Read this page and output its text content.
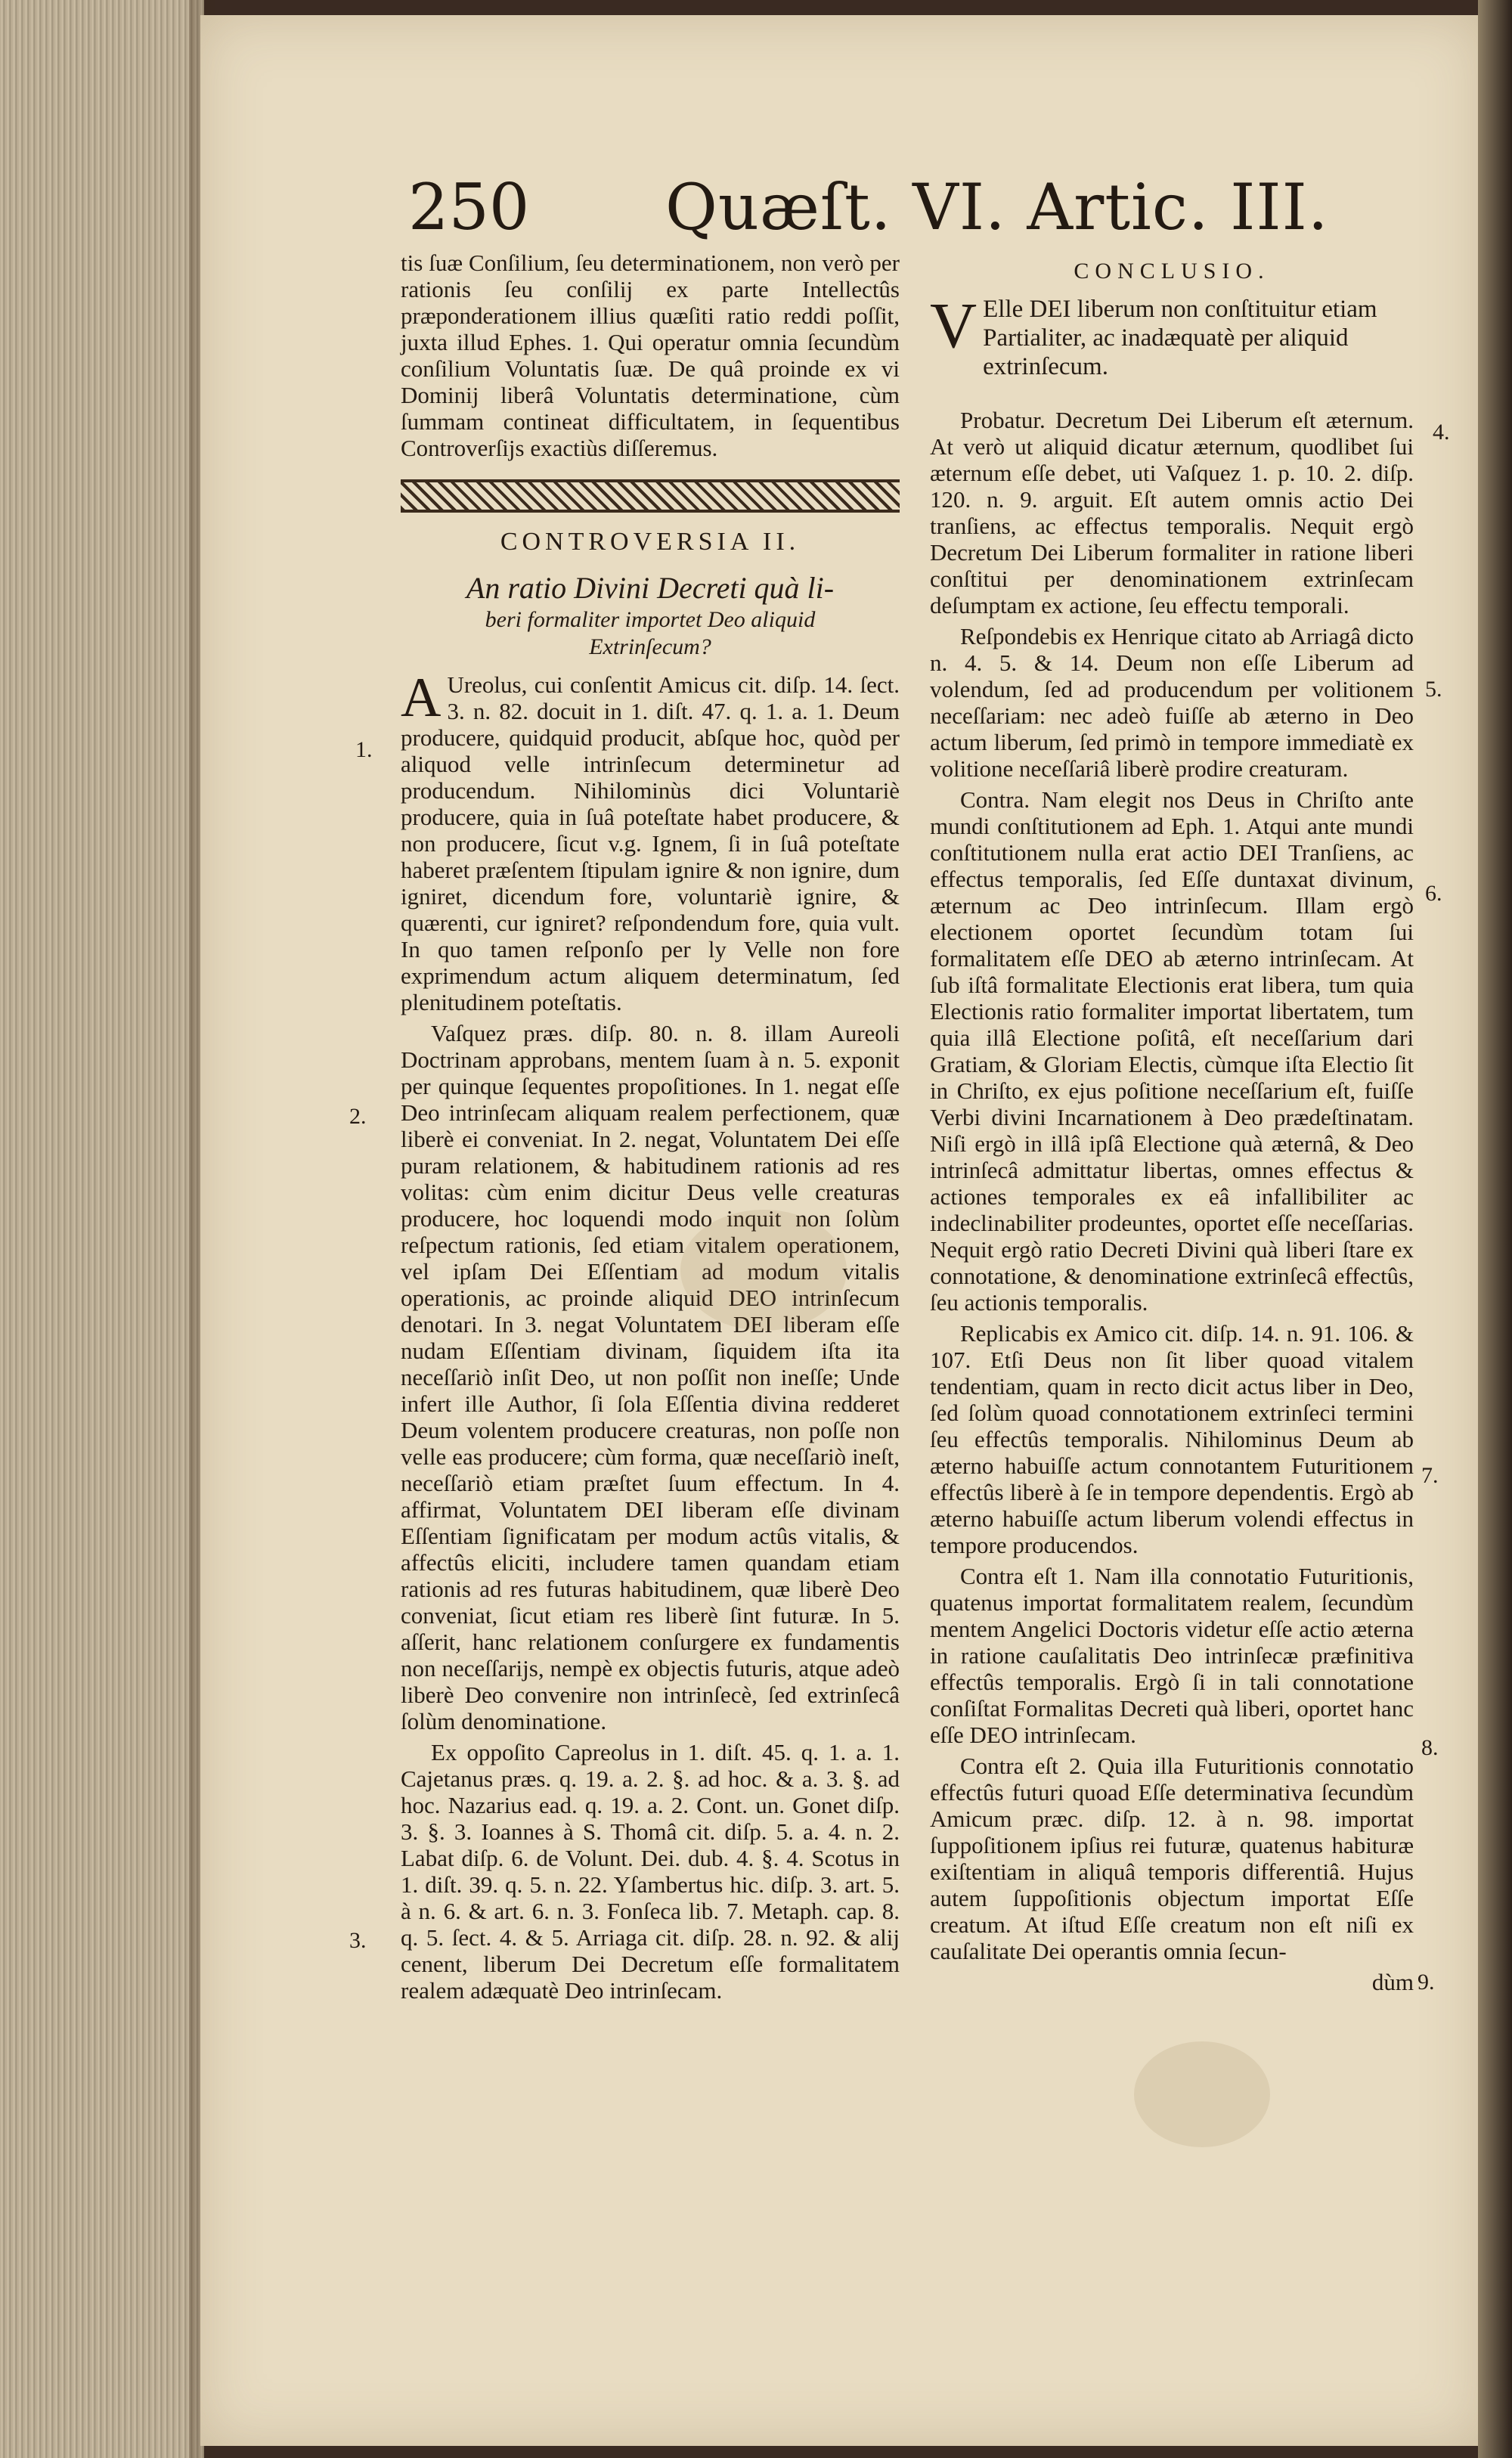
250 Quæſt. VI. Artic. III.

tis ſuæ Conſilium, ſeu determinationem, non verò per rationis ſeu conſilij ex parte Intellectûs præponderationem illius quæſiti ratio reddi poſſit, juxta illud Ephes. 1. Qui operatur omnia ſecundùm conſilium Voluntatis ſuæ. De quâ proinde ex vi Dominij liberâ Voluntatis determinatione, cùm ſummam contineat difficultatem, in ſequentibus Controverſijs exactiùs diſſeremus.

CONTROVERSIA II.
An ratio Divini Decreti quà li-
beri formaliter importet Deo aliquid
Extrinſecum?

A Ureolus, cui conſentit Amicus cit. diſp. 14. ſect. 3. n. 82. docuit in 1. diſt. 47. q. 1. a. 1. Deum producere, quidquid producit, abſque hoc, quòd per aliquod velle intrinſecum determinetur ad producendum. Nihilominùs dici Voluntariè producere, quia in ſuâ poteſtate habet producere, & non producere, ſicut v.g. Ignem, ſi in ſuâ poteſtate haberet præſentem ſtipulam ignire & non ignire, dum igniret, dicendum fore, voluntariè ignire, & quærenti, cur igniret? reſpondendum fore, quia vult. In quo tamen reſponſo per ly Velle non fore exprimendum actum aliquem determinatum, ſed plenitudinem poteſtatis.

Vaſquez præs. diſp. 80. n. 8. illam Aureoli Doctrinam approbans, mentem ſuam à n. 5. exponit per quinque ſequentes propoſitiones. In 1. negat eſſe Deo intrinſecam aliquam realem perfectionem, quæ liberè ei conveniat. In 2. negat, Voluntatem Dei eſſe puram relationem, & habitudinem rationis ad res volitas: cùm enim dicitur Deus velle creaturas producere, hoc loquendi modo inquit non ſolùm reſpectum rationis, ſed etiam vitalem operationem, vel ipſam Dei Eſſentiam ad modum vitalis operationis, ac proinde aliquid DEO intrinſecum denotari. In 3. negat Voluntatem DEI liberam eſſe nudam Eſſentiam divinam, ſiquidem iſta ita neceſſariò inſit Deo, ut non poſſit non ineſſe; Unde infert ille Author, ſi ſola Eſſentia divina redderet Deum volentem producere creaturas, non poſſe non velle eas producere; cùm forma, quæ neceſſariò ineſt, neceſſariò etiam præſtet ſuum effectum. In 4. affirmat, Voluntatem DEI liberam eſſe divinam Eſſentiam ſignificatam per modum actûs vitalis, & affectûs eliciti, includere tamen quandam etiam rationis ad res futuras habitudinem, quæ liberè Deo conveniat, ſicut etiam res liberè ſint futuræ. In 5. aſſerit, hanc relationem conſurgere ex fundamentis non neceſſarijs, nempè ex objectis futuris, atque adeò liberè Deo convenire non intrinſecè, ſed extrinſecâ ſolùm denominatione.

Ex oppoſito Capreolus in 1. diſt. 45. q. 1. a. 1. Cajetanus præs. q. 19. a. 2. §. ad hoc. & a. 3. §. ad hoc. Nazarius ead. q. 19. a. 2. Cont. un. Gonet diſp. 3. §. 3. Ioannes à S. Thomâ cit. diſp. 5. a. 4. n. 2. Labat diſp. 6. de Volunt. Dei. dub. 4. §. 4. Scotus in 1. diſt. 39. q. 5. n. 22. Yſambertus hic. diſp. 3. art. 5. à n. 6. & art. 6. n. 3. Fonſeca lib. 7. Metaph. cap. 8. q. 5. ſect. 4. & 5. Arriaga cit. diſp. 28. n. 92. & alij cenent, liberum Dei Decretum eſſe formalitatem realem adæquatè Deo intrinſecam.

1.
2.
3.
CONCLUSIO.

V Elle DEI liberum non conſtituitur etiam Partialiter, ac inadæquatè per aliquid extrinſecum.

Probatur. Decretum Dei Liberum eſt æternum. At verò ut aliquid dicatur æternum, quodlibet ſui æternum eſſe debet, uti Vaſquez 1. p. 10. 2. diſp. 120. n. 9. arguit. Eſt autem omnis actio Dei tranſiens, ac effectus temporalis. Nequit ergò Decretum Dei Liberum formaliter in ratione liberi conſtitui per denominationem extrinſecam deſumptam ex actione, ſeu effectu temporali.

Reſpondebis ex Henrique citato ab Arriagâ dicto n. 4. 5. & 14. Deum non eſſe Liberum ad volendum, ſed ad producendum per volitionem neceſſariam: nec adeò fuiſſe ab æterno in Deo actum liberum, ſed primò in tempore immediatè ex volitione neceſſariâ liberè prodire creaturam.

Contra. Nam elegit nos Deus in Chriſto ante mundi conſtitutionem ad Eph. 1. Atqui ante mundi conſtitutionem nulla erat actio DEI Tranſiens, ac effectus temporalis, ſed Eſſe duntaxat divinum, æternum ac Deo intrinſecum. Illam ergò electionem oportet ſecundùm totam ſui formalitatem eſſe DEO ab æterno intrinſecam. At ſub iſtâ formalitate Electionis erat libera, tum quia Electionis ratio formaliter importat libertatem, tum quia illâ Electione poſitâ, eſt neceſſarium dari Gratiam, & Gloriam Electis, cùmque iſta Electio ſit in Chriſto, ex ejus poſitione neceſſarium eſt, fuiſſe Verbi divini Incarnationem à Deo prædeſtinatam. Niſi ergò in illâ ipſâ Electione quà æternâ, & Deo intrinſecâ admittatur libertas, omnes effectus & actiones temporales ex eâ infallibiliter ac indeclinabiliter prodeuntes, oportet eſſe neceſſarias. Nequit ergò ratio Decreti Divini quà liberi ſtare ex connotatione, & denominatione extrinſecâ effectûs, ſeu actionis temporalis.

Replicabis ex Amico cit. diſp. 14. n. 91. 106. & 107. Etſi Deus non ſit liber quoad vitalem tendentiam, quam in recto dicit actus liber in Deo, ſed ſolùm quoad connotationem extrinſeci termini ſeu effectûs temporalis. Nihilominus Deum ab æterno habuiſſe actum connotantem Futuritionem effectûs liberè à ſe in tempore dependentis. Ergò ab æterno habuiſſe actum liberum volendi effectus in tempore producendos.

Contra eſt 1. Nam illa connotatio Futuritionis, quatenus importat formalitatem realem, ſecundùm mentem Angelici Doctoris videtur eſſe actio æterna in ratione cauſalitatis Deo intrinſecæ præfinitiva effectûs temporalis. Ergò ſi in tali connotatione conſiſtat Formalitas Decreti quà liberi, oportet hanc eſſe DEO intrinſecam.

Contra eſt 2. Quia illa Futuritionis connotatio effectûs futuri quoad Eſſe determinativa ſecundùm Amicum præc. diſp. 12. à n. 98. importat ſuppoſitionem ipſius rei futuræ, quatenus habituræ exiſtentiam in aliquâ temporis differentiâ. Hujus autem ſuppoſitionis objectum importat Eſſe creatum. At iſtud Eſſe creatum non eſt niſi ex cauſalitate Dei operantis omnia ſecun-

dùm
4.
5.
6.
7.
8.
9.
